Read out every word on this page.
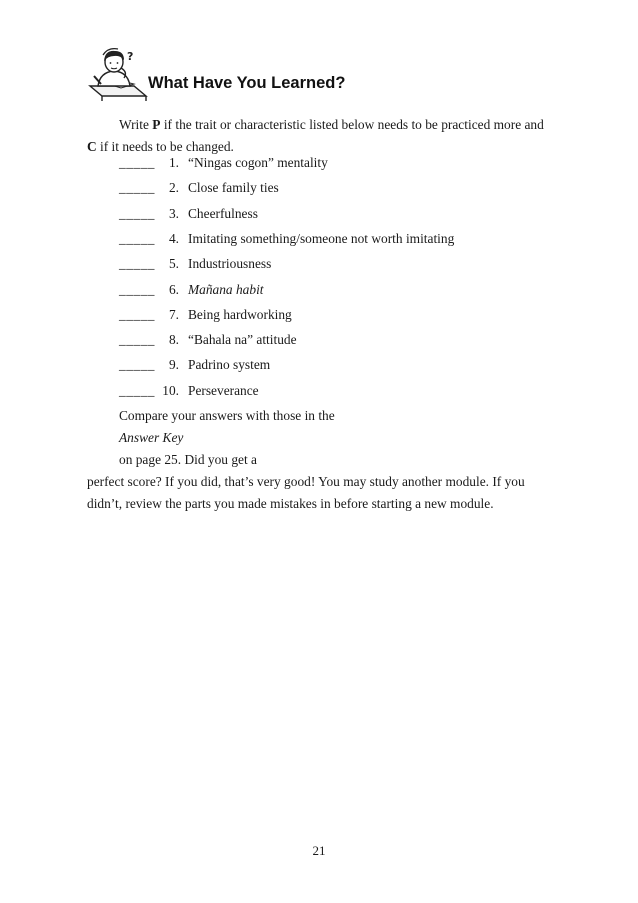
?
What Have You Learned?

Write P if the trait or characteristic listed below needs to be practiced more and
C if it needs to be changed.

_____	1. “Ningas cogon” mentality
_____	2. Close family ties
_____	3. Cheerfulness
_____	4. Imitating something/someone not worth imitating
_____	5. Industriousness
_____	6. Mañana habit
_____	7. Being hardworking
_____	8. “Bahala na” attitude
_____	9. Padrino system
_____ 10. Perseverance

Compare your answers with those in the
Answer Key
on page 25. Did you get a
perfect score? If you did, that’s very good! You may study another module. If you
didn’t, review the parts you made mistakes in before starting a new module.

21
